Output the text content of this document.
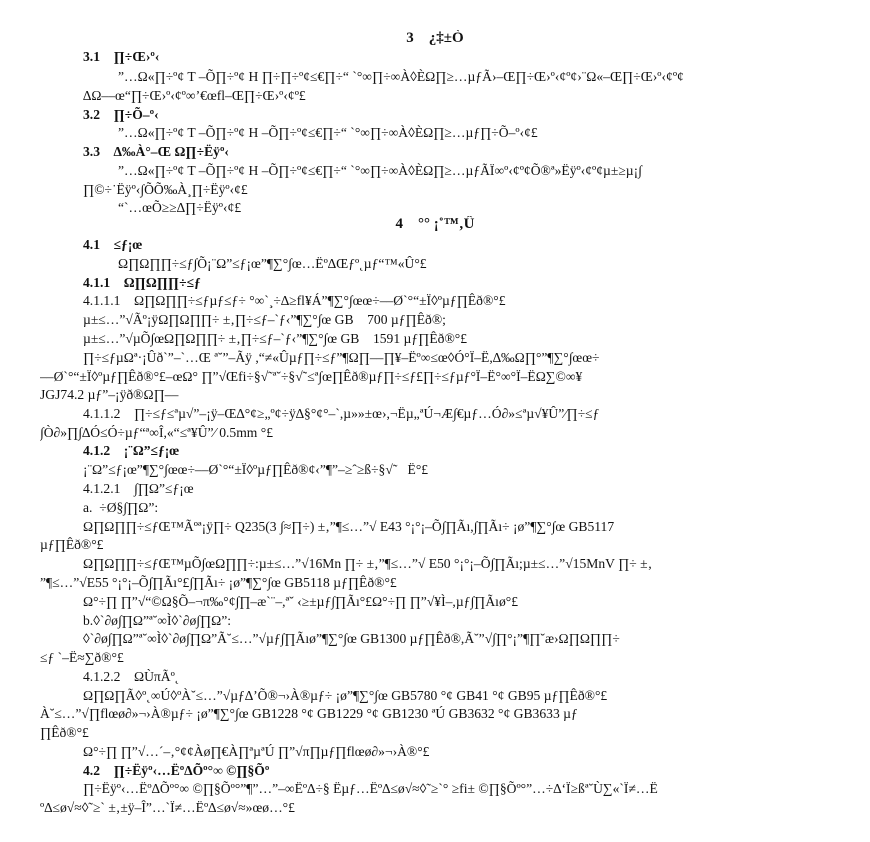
3    ¿‡±Ò
3.1    ∏÷Œ›º‹
”…Ω«∏÷º¢ T –Õ∏÷º¢ H ∏÷∏÷º¢≤€∏÷“ `°∞∏÷∞À◊ÈΩ∏≥…µƒÃ›–Œ∏÷Œ›º‹¢º¢›¨Ω«–Œ∏÷Œ›º‹¢º¢
∆Ω––œ“∏÷Œ›º‹¢º∞’€œfl–Œ∏÷Œ›º‹¢º£
3.2    ∏÷Õ–º‹
”…Ω«∏÷º¢ T –Õ∏÷º¢ H –Õ∏÷º¢≤€∏÷“ `°∞∏÷∞À◊ÈΩ∏≥…µƒ∏÷Õ–º‹¢£
3.3    ∆‰À°–Œ Ω∏÷Ëÿº‹
”…Ω«∏÷º¢ T –Õ∏÷º¢ H –Õ∏÷º¢≤€∏÷“ `°∞∏÷∞À◊ÈΩ∏≥…µƒÃÏ∞º‹¢º¢Õ®ª»Ëÿº‹¢º¢µ±≥µ¡∫
∏©÷˙Ëÿº‹∫ÕÕ‰À¸∏÷Ëÿº‹¢£
“`…œÕ≥≥∆∏÷Ëÿº‹¢£
4    °° ¡˚™‚Û
4.1    ≤ƒ¡œ
Ω∏Ω∏∏÷≤ƒ∫Õ¡¨Ω”≤ƒ¡œ”¶∑°∫œ…Ëº∆Œƒº˛µƒ“™«Û°£
4.1.1    Ω∏Ω∏∏÷≤ƒ
4.1.1.1    Ω∏Ω∏∏÷≤ƒµƒ≤ƒ÷ °∞`¸÷∆≥fl¥Á”¶∑°∫œœ÷––Ø`°“±Ï◊ºµƒ∏Êð®°£
µ±≤…”√Ãº¡ÿΩ∏Ω∏∏÷ ±‚∏÷≤ƒ–`ƒ‹”¶∑°∫œ GB    700 µƒ∏Êð®;
µ±≤…”√µÕ∫œΩ∏Ω∏∏÷ ±‚∏÷≤ƒ–`ƒ‹”¶∑°∫œ GB    1591 µƒ∏Êð®°£
∏÷≤ƒµΩª·¡Ûð`”–`…Œ ª˘”–Ãÿ ,“≠«Ûµƒ∏÷≤ƒ”¶Ω∏––∏¥–Ëº∞≤œ◊Ó°Ï–Ë,∆‰Ω∏°”¶∑°∫œœ÷
––Ø`°“±Ï◊ºµƒ∏Êð®°£–œΩ° ∏”√Œfi÷§√˜ª˘÷§√˜≤ª∫œ∏Êð®µƒ∏÷≤ƒ£∏÷≤ƒµƒ°Ï–Ë°∞°Ï–ËΩ∑©∞¥
JGJ74.2 µƒ”–¡ÿð®Ω∏––
4.1.1.2    ∏÷≤ƒ≤ªµ√”–¡ÿ–Œ∆°¢≥„º¢÷ÿ∆§°¢°–`,µ»»±œ›,¬Ëµ„ªÚ¬Æ∫€µƒ…Ó∂»≤ªµ√¥Û”⁄∏÷≤ƒ
∫Ò∂»∏∫∆Ó≤Ó÷µƒ“ª∞Î,«“≤ª¥Û”⁄ 0.5mm °£
4.1.2    ¡¨Ω”≤ƒ¡œ
¡¨Ω”≤ƒ¡œ”¶∑°∫œœ÷––Ø`°“±Ï◊ºµƒ∏Êð®¢‹”¶”–≥ˆ≥ß÷§√˜   Ë°£
4.1.2.1    ∫∏Ω”≤ƒ¡œ
a.  ÷Ø§∫∏Ω”:
Ω∏Ω∏∏÷≤ƒŒ™Ãºª¡ÿ∏÷ Q235(3 ∫≈∏÷) ±‚”¶≤…”√ E43 °¡°¡–Õ∫∏Ãı,∫∏Ãı÷ ¡ø”¶∑°∫œ GB5117
µƒ∏Êð®°£
Ω∏Ω∏∏÷≤ƒŒ™µÕ∫œΩ∏∏÷:µ±≤…”√16Mn ∏÷ ±‚”¶≤…”√ E50 °¡°¡–Õ∫∏Ãı;µ±≤…”√15MnV ∏÷ ±‚
”¶≤…”√E55 °¡°¡–Õ∫∏Ãı°£∫∏Ãı÷ ¡ø”¶∑°∫œ GB5118 µƒ∏Êð®°£
Ω°÷∏ ∏”√“©Ω§Õ–¬π‰°¢∫∏–æ`¨–,ª˘ ‹≥±µƒ∫∏Ãı°£Ω°÷∏ ∏”√¥Ì–,µƒ∫∏Ãıø°£
b.◊`∂ø∫∏Ω”ª˘∞Ì◊`∂ø∫∏Ω”:
◊`∂ø∫∏Ω”ª˘∞Ì◊`∂ø∫∏Ω”Ã˘≤…”√µƒ∫∏Ãıø”¶∑°∫œ GB1300 µƒ∏Êð®,Ã˘”√∫∏°¡”¶∏˘æ›Ω∏Ω∏∏÷
≤ƒ `–Ë≈∑ð®°£
4.1.2.2    ΩÙπÃº˛
Ω∏Ω∏Ã◊º˛∞Ú◊ºÀ˘≤…”√µƒ∆’Õ®¬›À®µƒ÷ ¡ø”¶∑°∫œ GB5780 °¢ GB41 °¢ GB95 µƒ∏Êð®°£
À˘≤…”√∏flœø∂»¬›À®µƒ÷ ¡ø”¶∑°∫œ GB1228 °¢ GB1229 °¢ GB1230 ªÚ GB3632 °¢ GB3633 µƒ
∏Êð®°£
Ω°÷∏ ∏”√…´–‚°¢¢Àø∏€À∏ªµªÚ ∏”√π∏µƒ∏flœø∂»¬›À®°£
4.2    ∏÷Ëÿº‹…Ëº∆Õº°∞ ©∏§Õº
∏÷Ëÿº‹…Ëº∆Õº°∞ ©∏§Õº°”¶”…”–∞Ëº∆÷§ Ëµƒ…Ëº∆≤ø√≈◊˜≥`° ≥fi± ©∏§Õº°”…÷∆‘Ï≥ßª˘Ù∑«`Ï≠…Ë
º∆≤ø√≈◊˜≥` ±‚±ÿ–Î”…`Ï≠…Ëº∆≤ø√≈»œø…°£
